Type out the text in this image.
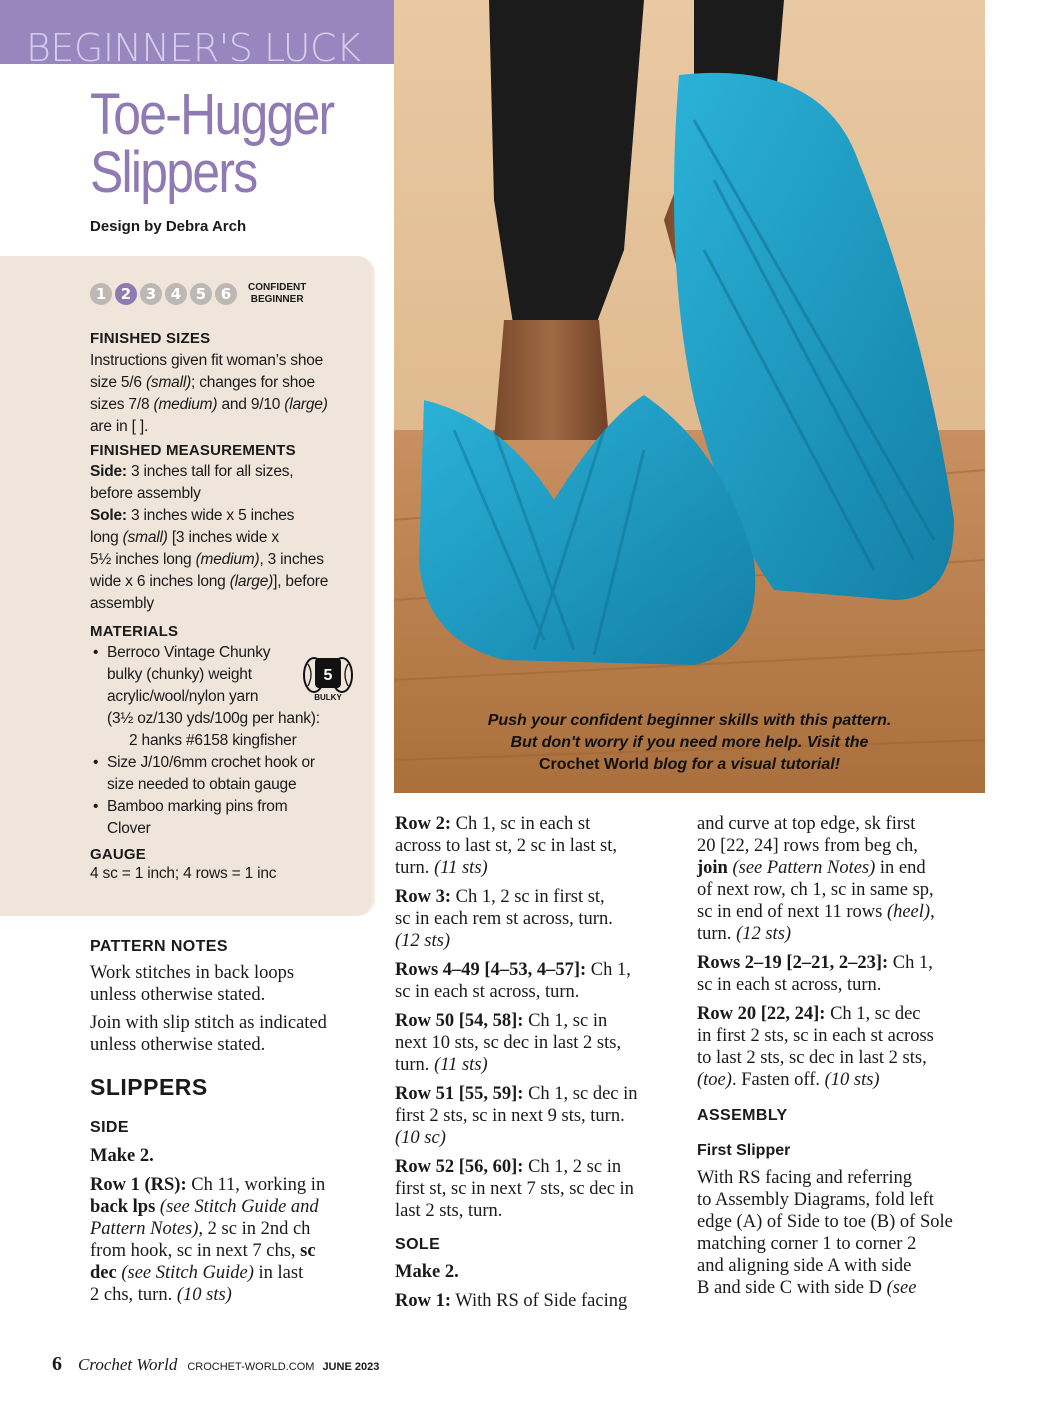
BEGINNER'S LUCK
Toe-Hugger
Slippers
Design by Debra Arch
1 2 3 4 5 6	CONFIDENT
BEGINNER
FINISHED SIZES
Instructions given fit woman’s shoe
size 5/6 (small); changes for shoe
sizes 7/8 (medium) and 9/10 (large)
are in [ ].
FINISHED MEASUREMENTS
Side: 3 inches tall for all sizes,
before assembly
Sole: 3 inches wide x 5 inches
long (small) [3 inches wide x
5½ inches long (medium), 3 inches
wide x 6 inches long (large)], before
assembly
MATERIALS
• Berroco Vintage Chunky
bulky (chunky) weight
acrylic/wool/nylon yarn
(3½ oz/130 yds/100g per hank):
2 hanks #6158 kingfisher
• Size J/10/6mm crochet hook or
size needed to obtain gauge
• Bamboo marking pins from
Clover
GAUGE
4 sc = 1 inch; 4 rows = 1 inc
5
BULKY
Push your confident beginner skills with this pattern.
But don't worry if you need more help. Visit the
Crochet World blog for a visual tutorial!
PATTERN NOTES
Work stitches in back loops
unless otherwise stated.
Join with slip stitch as indicated
unless otherwise stated.
SLIPPERS
SIDE
Make 2.
Row 1 (RS): Ch 11, working in
back lps (see Stitch Guide and
Pattern Notes), 2 sc in 2nd ch
from hook, sc in next 7 chs, sc
dec (see Stitch Guide) in last
2 chs, turn. (10 sts)
Row 2: Ch 1, sc in each st
across to last st, 2 sc in last st,
turn. (11 sts)
Row 3: Ch 1, 2 sc in first st,
sc in each rem st across, turn.
(12 sts)
Rows 4–49 [4–53, 4–57]: Ch 1,
sc in each st across, turn.
Row 50 [54, 58]: Ch 1, sc in
next 10 sts, sc dec in last 2 sts,
turn. (11 sts)
Row 51 [55, 59]: Ch 1, sc dec in
first 2 sts, sc in next 9 sts, turn.
(10 sc)
Row 52 [56, 60]: Ch 1, 2 sc in
first st, sc in next 7 sts, sc dec in
last 2 sts, turn.
SOLE
Make 2.
Row 1: With RS of Side facing
and curve at top edge, sk first
20 [22, 24] rows from beg ch,
join (see Pattern Notes) in end
of next row, ch 1, sc in same sp,
sc in end of next 11 rows (heel),
turn. (12 sts)
Rows 2–19 [2–21, 2–23]: Ch 1,
sc in each st across, turn.
Row 20 [22, 24]: Ch 1, sc dec
in first 2 sts, sc in each st across
to last 2 sts, sc dec in last 2 sts,
(toe). Fasten off. (10 sts)
ASSEMBLY
First Slipper
With RS facing and referring
to Assembly Diagrams, fold left
edge (A) of Side to toe (B) of Sole
matching corner 1 to corner 2
and aligning side A with side
B and side C with side D (see
6 Crochet World CROCHET-WORLD.COM JUNE 2023
